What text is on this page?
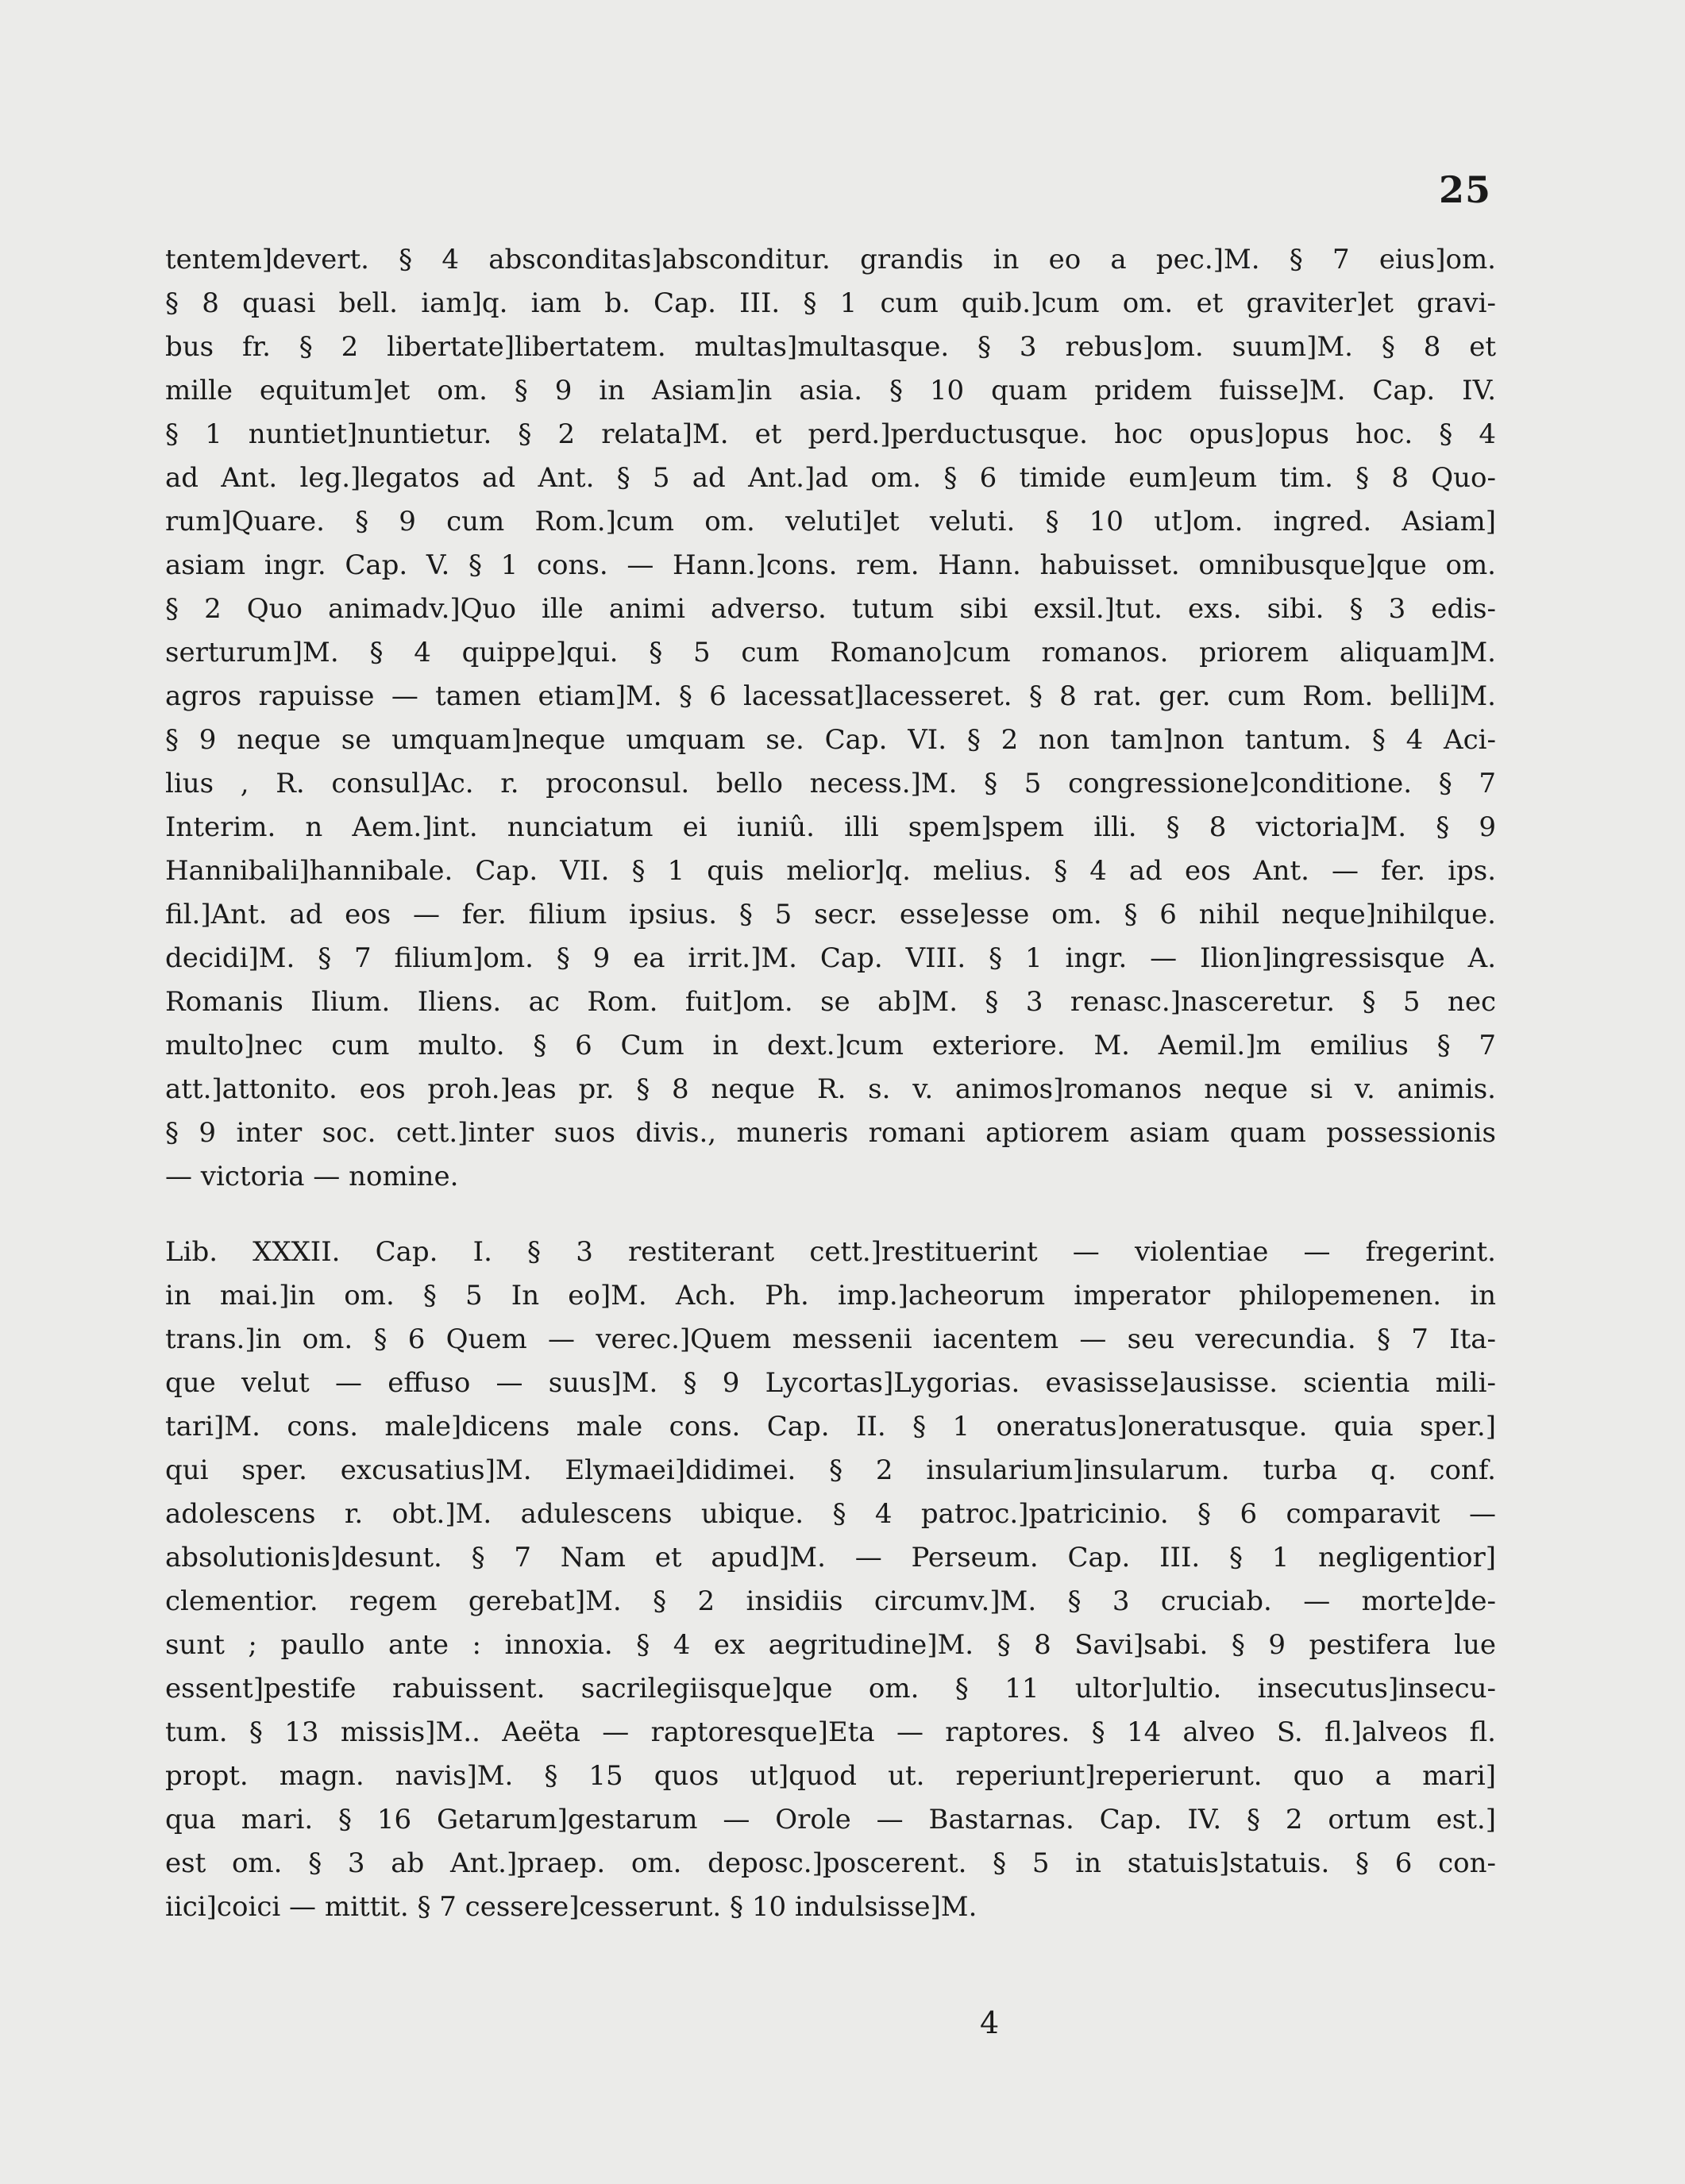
25
tentem]devert. § 4 absconditas]absconditur. grandis in eo a pec.]M. § 7 eius]om.
§ 8 quasi bell. iam]q. iam b. Cap. III. § 1 cum quib.]cum om. et graviter]et gravi-
bus fr. § 2 libertate]libertatem. multas]multasque. § 3 rebus]om. suum]M. § 8 et
mille equitum]et om. § 9 in Asiam]in asia. § 10 quam pridem fuisse]M. Cap. IV.
§ 1 nuntiet]nuntietur. § 2 relata]M. et perd.]perductusque. hoc opus]opus hoc. § 4
ad Ant. leg.]legatos ad Ant. § 5 ad Ant.]ad om. § 6 timide eum]eum tim. § 8 Quo-
rum]Quare. § 9 cum Rom.]cum om. veluti]et veluti. § 10 ut]om. ingred. Asiam]
asiam ingr. Cap. V. § 1 cons. — Hann.]cons. rem. Hann. habuisset. omnibusque]que om.
§ 2 Quo animadv.]Quo ille animi adverso. tutum sibi exsil.]tut. exs. sibi. § 3 edis-
serturum]M. § 4 quippe]qui. § 5 cum Romano]cum romanos. priorem aliquam]M.
agros rapuisse — tamen etiam]M. § 6 lacessat]lacesseret. § 8 rat. ger. cum Rom. belli]M.
§ 9 neque se umquam]neque umquam se. Cap. VI. § 2 non tam]non tantum. § 4 Aci-
lius , R. consul]Ac. r. proconsul. bello necess.]M. § 5 congressione]conditione. § 7
Interim. n Aem.]int. nunciatum ei iuniû. illi spem]spem illi. § 8 victoria]M. § 9
Hannibali]hannibale. Cap. VII. § 1 quis melior]q. melius. § 4 ad eos Ant. — fer. ips.
fil.]Ant. ad eos — fer. filium ipsius. § 5 secr. esse]esse om. § 6 nihil neque]nihilque.
decidi]M. § 7 filium]om. § 9 ea irrit.]M. Cap. VIII. § 1 ingr. — Ilion]ingressisque A.
Romanis Ilium. Iliens. ac Rom. fuit]om. se ab]M. § 3 renasc.]nasceretur. § 5 nec
multo]nec cum multo. § 6 Cum in dext.]cum exteriore. M. Aemil.]m emilius § 7
att.]attonito. eos proh.]eas pr. § 8 neque R. s. v. animos]romanos neque si v. animis.
§ 9 inter soc. cett.]inter suos divis., muneris romani aptiorem asiam quam possessionis
— victoria — nomine.
Lib. XXXII. Cap. I. § 3 restiterant cett.]restituerint — violentiae — fregerint.
in mai.]in om. § 5 In eo]M. Ach. Ph. imp.]acheorum imperator philopemenen. in
trans.]in om. § 6 Quem — verec.]Quem messenii iacentem — seu verecundia. § 7 Ita-
que velut — effuso — suus]M. § 9 Lycortas]Lygorias. evasisse]ausisse. scientia mili-
tari]M. cons. male]dicens male cons. Cap. II. § 1 oneratus]oneratusque. quia sper.]
qui sper. excusatius]M. Elymaei]didimei. § 2 insularium]insularum. turba q. conf.
adolescens r. obt.]M. adulescens ubique. § 4 patroc.]patricinio. § 6 comparavit —
absolutionis]desunt. § 7 Nam et apud]M. — Perseum. Cap. III. § 1 negligentior]
clementior. regem gerebat]M. § 2 insidiis circumv.]M. § 3 cruciab. — morte]de-
sunt ; paullo ante : innoxia. § 4 ex aegritudine]M. § 8 Savi]sabi. § 9 pestifera lue
essent]pestife rabuissent. sacrilegiisque]que om. § 11 ultor]ultio. insecutus]insecu-
tum. § 13 missis]M.. Aeëta — raptoresque]Eta — raptores. § 14 alveo S. fl.]alveos fl.
propt. magn. navis]M. § 15 quos ut]quod ut. reperiunt]reperierunt. quo a mari]
qua mari. § 16 Getarum]gestarum — Orole — Bastarnas. Cap. IV. § 2 ortum est.]
est om. § 3 ab Ant.]praep. om. deposc.]poscerent. § 5 in statuis]statuis. § 6 con-
iici]coici — mittit. § 7 cessere]cesserunt. § 10 indulsisse]M.
4
